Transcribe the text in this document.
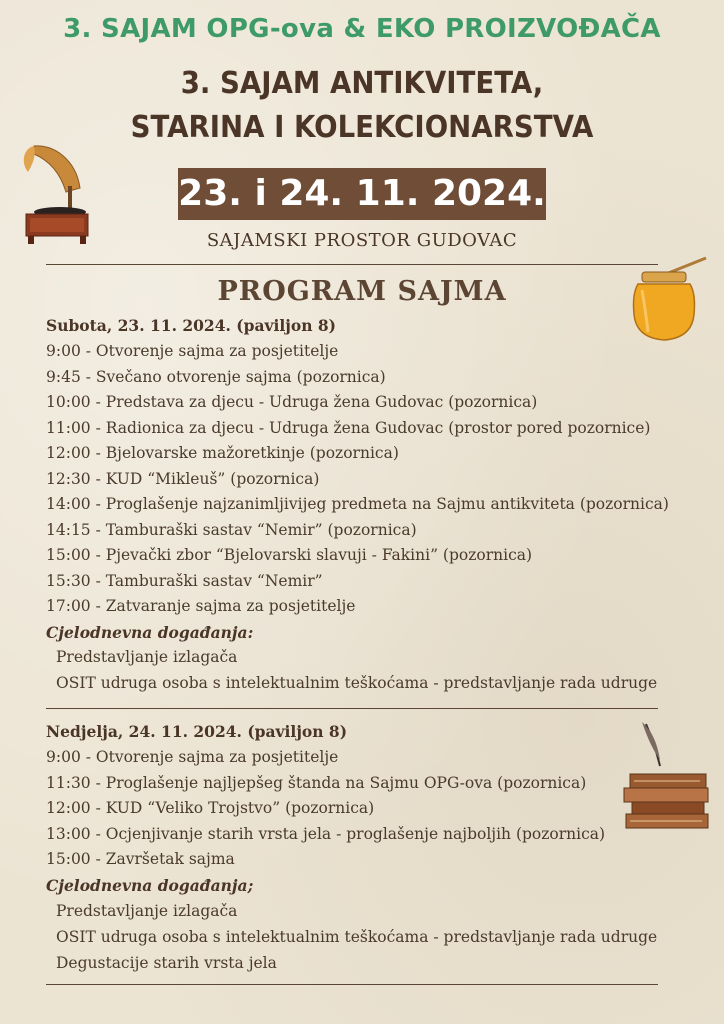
3. SAJAM OPG-ova & EKO PROIZVOĐAČA
3. SAJAM ANTIKVITETA,
STARINA I KOLEKCIONARSTVA
23. i 24. 11. 2024.
SAJAMSKI PROSTOR GUDOVAC
PROGRAM SAJMA
Subota, 23. 11. 2024. (paviljon 8)
9:00 - Otvorenje sajma za posjetitelje
9:45 - Svečano otvorenje sajma (pozornica)
10:00 - Predstava za djecu - Udruga žena Gudovac (pozornica)
11:00 - Radionica za djecu - Udruga žena Gudovac (prostor pored pozornice)
12:00 - Bjelovarske mažoretkinje (pozornica)
12:30 - KUD “Mikleuš” (pozornica)
14:00 - Proglašenje najzanimljivijeg predmeta na Sajmu antikviteta (pozornica)
14:15 - Tamburaški sastav “Nemir” (pozornica)
15:00 - Pjevački zbor “Bjelovarski slavuji - Fakini” (pozornica)
15:30 - Tamburaški sastav “Nemir”
17:00 - Zatvaranje sajma za posjetitelje
Cjelodnevna događanja:
Predstavljanje izlagača
OSIT udruga osoba s intelektualnim teškoćama - predstavljanje rada udruge
Nedjelja, 24. 11. 2024. (paviljon 8)
9:00 - Otvorenje sajma za posjetitelje
11:30 - Proglašenje najljepšeg štanda na Sajmu OPG-ova (pozornica)
12:00 - KUD “Veliko Trojstvo” (pozornica)
13:00 - Ocjenjivanje starih vrsta jela - proglašenje najboljih (pozornica)
15:00 - Završetak sajma
Cjelodnevna događanja;
Predstavljanje izlagača
OSIT udruga osoba s intelektualnim teškoćama - predstavljanje rada udruge
Degustacije starih vrsta jela
